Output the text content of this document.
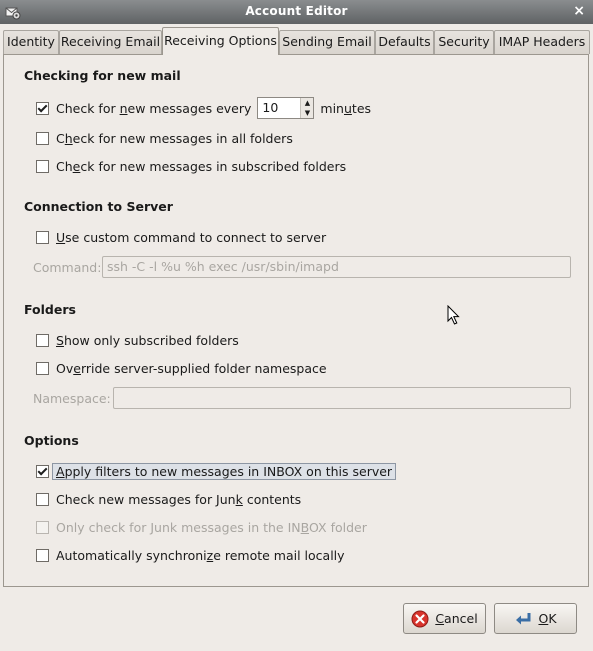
Account Editor	×
Identity Receiving Email Receiving Options Sending Email Defaults Security IMAP Headers
Checking for new mail
Check for new messages every 10	▲
▼ minutes
Check for new messages in all folders
Check for new messages in subscribed folders
Connection to Server
Use custom command to connect to server
Command: ssh -C -l %u %h exec /usr/sbin/imapd
Folders
Show only subscribed folders
Override server-supplied folder namespace
Namespace:
Options
Apply filters to new messages in INBOX on this server
Check new messages for Junk contents
Only check for Junk messages in the INBOX folder
Automatically synchronize remote mail locally
Cancel	OK
